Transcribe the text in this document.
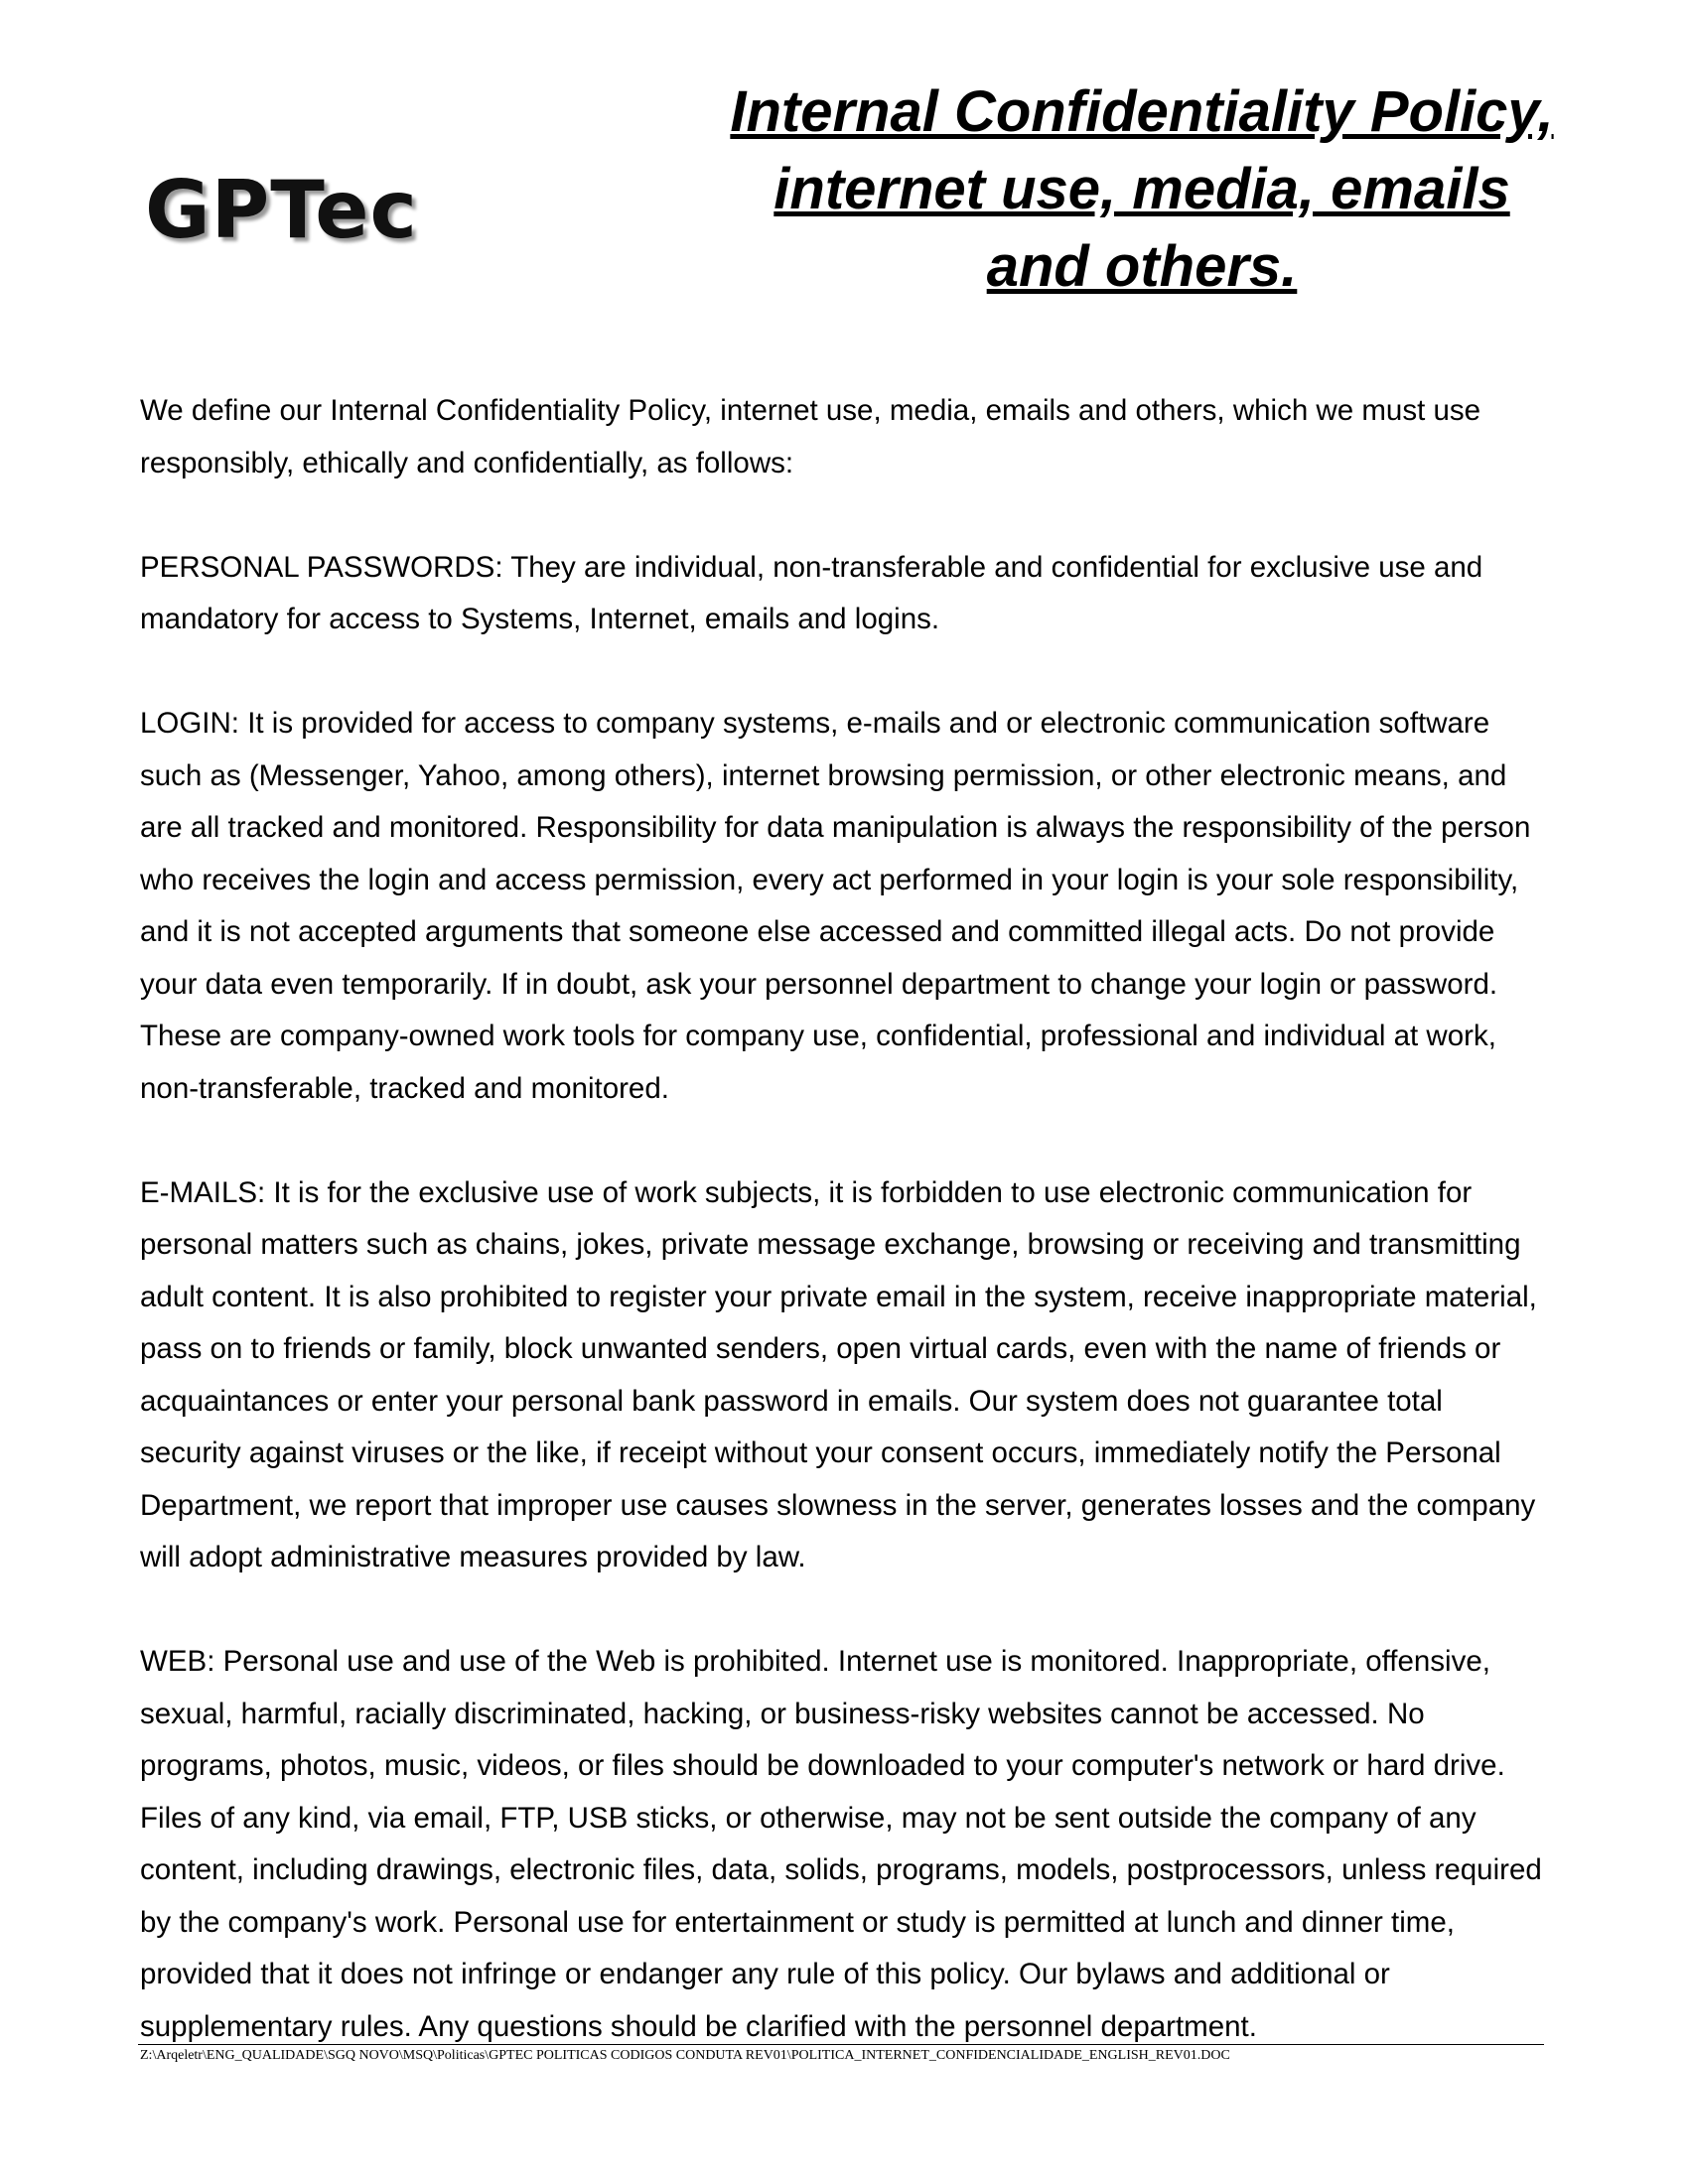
GPTec
Internal Confidentiality Policy,
internet use, media, emails
and others.

We define our Internal Confidentiality Policy, internet use, media, emails and others, which we must use responsibly, ethically and confidentially, as follows:

PERSONAL PASSWORDS: They are individual, non-transferable and confidential for exclusive use and mandatory for access to Systems, Internet, emails and logins.

LOGIN: It is provided for access to company systems, e-mails and or electronic communication software such as (Messenger, Yahoo, among others), internet browsing permission, or other electronic means, and are all tracked and monitored. Responsibility for data manipulation is always the responsibility of the person who receives the login and access permission, every act performed in your login is your sole responsibility, and it is not accepted arguments that someone else accessed and committed illegal acts. Do not provide your data even temporarily. If in doubt, ask your personnel department to change your login or password. These are company-owned work tools for company use, confidential, professional and individual at work, non-transferable, tracked and monitored.

E-MAILS: It is for the exclusive use of work subjects, it is forbidden to use electronic communication for personal matters such as chains, jokes, private message exchange, browsing or receiving and transmitting adult content. It is also prohibited to register your private email in the system, receive inappropriate material, pass on to friends or family, block unwanted senders, open virtual cards, even with the name of friends or acquaintances or enter your personal bank password in emails. Our system does not guarantee total security against viruses or the like, if receipt without your consent occurs, immediately notify the Personal Department, we report that improper use causes slowness in the server, generates losses and the company will adopt administrative measures provided by law.

WEB: Personal use and use of the Web is prohibited. Internet use is monitored. Inappropriate, offensive, sexual, harmful, racially discriminated, hacking, or business-risky websites cannot be accessed. No programs, photos, music, videos, or files should be downloaded to your computer's network or hard drive. Files of any kind, via email, FTP, USB sticks, or otherwise, may not be sent outside the company of any content, including drawings, electronic files, data, solids, programs, models, postprocessors, unless required by the company's work. Personal use for entertainment or study is permitted at lunch and dinner time, provided that it does not infringe or endanger any rule of this policy. Our bylaws and additional or supplementary rules. Any questions should be clarified with the personnel department.

Z:\Arqeletr\ENG_QUALIDADE\SGQ NOVO\MSQ\Politicas\GPTEC POLITICAS CODIGOS CONDUTA REV01\POLITICA_INTERNET_CONFIDENCIALIDADE_ENGLISH_REV01.DOC
